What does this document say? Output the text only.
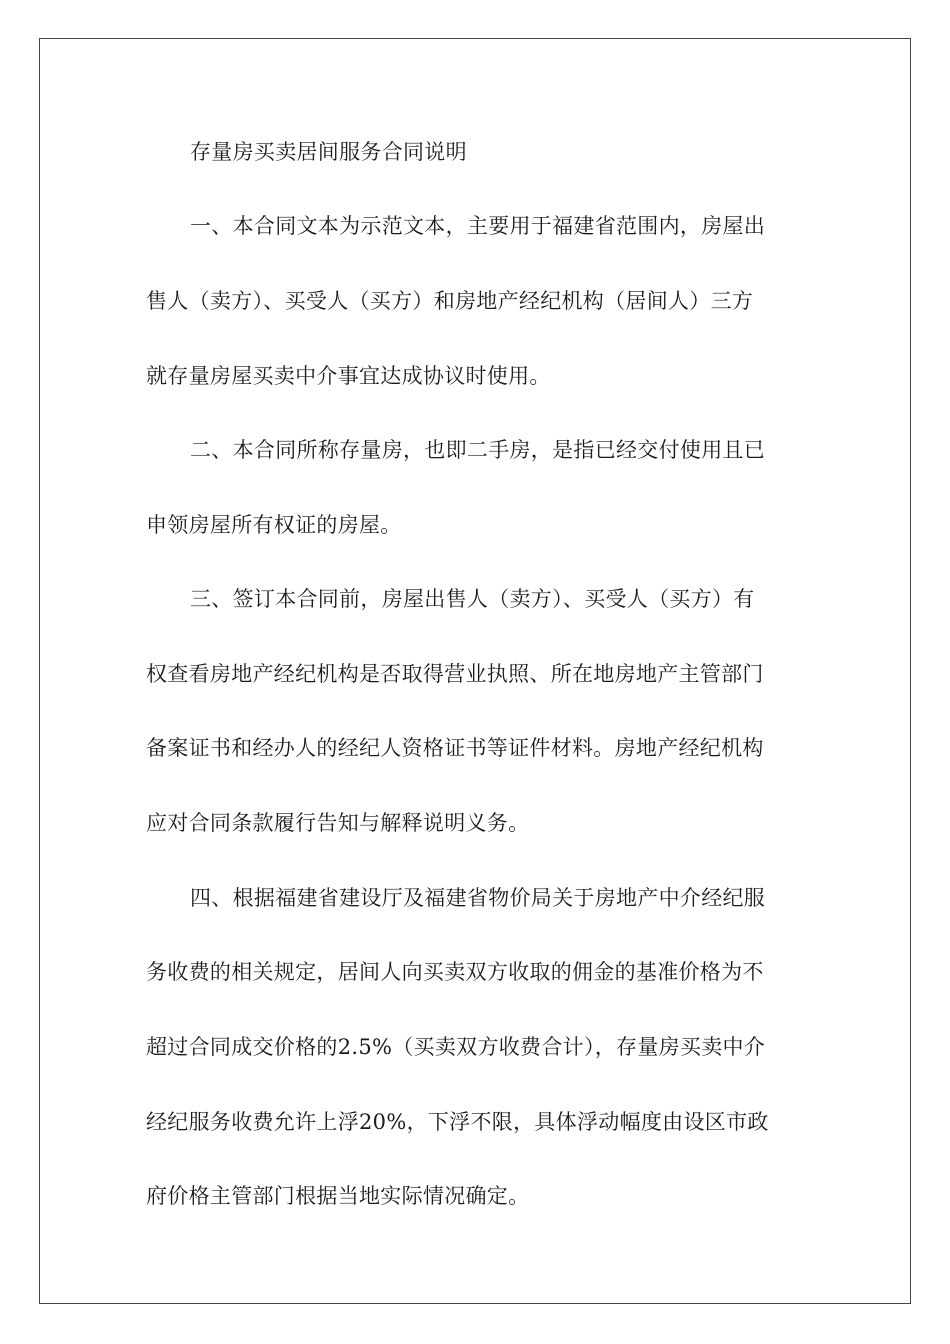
存量房买卖居间服务合同说明
一、本合同文本为示范文本，主要用于福建省范围内，房屋出
售人（卖方）、买受人（买方）和房地产经纪机构（居间人）三方
就存量房屋买卖中介事宜达成协议时使用。
二、本合同所称存量房，也即二手房，是指已经交付使用且已
申领房屋所有权证的房屋。
三、签订本合同前，房屋出售人（卖方）、买受人（买方）有
权查看房地产经纪机构是否取得营业执照、所在地房地产主管部门
备案证书和经办人的经纪人资格证书等证件材料。房地产经纪机构
应对合同条款履行告知与解释说明义务。
四、根据福建省建设厅及福建省物价局关于房地产中介经纪服
务收费的相关规定，居间人向买卖双方收取的佣金的基准价格为不
超过合同成交价格的2.5%（买卖双方收费合计），存量房买卖中介
经纪服务收费允许上浮20%，下浮不限，具体浮动幅度由设区市政
府价格主管部门根据当地实际情况确定。
